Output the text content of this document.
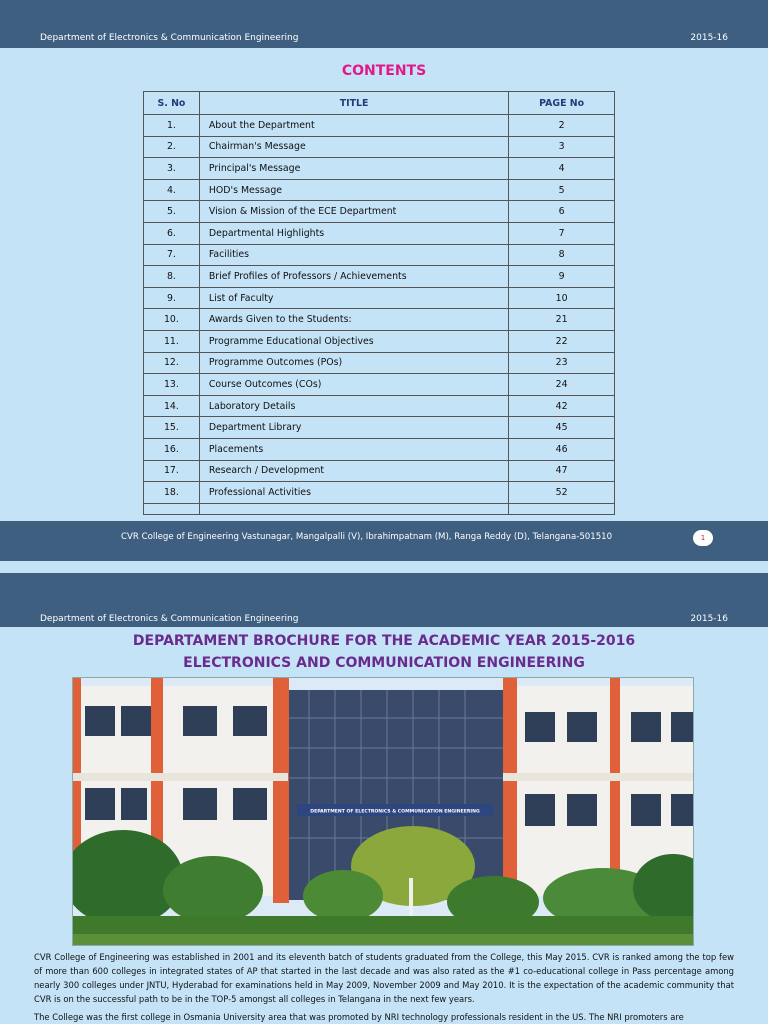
Department of Electronics & Communication Engineering	2015-16
CONTENTS
S. No	TITLE	PAGE No
1.	About the Department	2
2.	Chairman's Message	3
3.	Principal's Message	4
4.	HOD's Message	5
5.	Vision & Mission of the ECE Department	6
6.	Departmental Highlights	7
7.	Facilities	8
8.	Brief Profiles of Professors / Achievements	9
9.	List of Faculty	10
10.	Awards Given to the Students:	21
11.	Programme Educational Objectives	22
12.	Programme Outcomes (POs)	23
13.	Course Outcomes (COs)	24
14.	Laboratory Details	42
15.	Department Library	45
16.	Placements	46
17.	Research / Development	47
18.	Professional Activities	52

CVR College of Engineering Vastunagar, Mangalpalli (V), Ibrahimpatnam (M), Ranga Reddy (D), Telangana-501510	1
Department of Electronics & Communication Engineering	2015-16
DEPARTAMENT BROCHURE FOR THE ACADEMIC YEAR 2015-2016
ELECTRONICS AND COMMUNICATION ENGINEERING
DEPARTMENT OF ELECTRONICS & COMMUNICATION ENGINEERING

CVR College of Engineering was established in 2001 and its eleventh batch of students graduated from the College, this May 2015. CVR is ranked among the top few of more than 600 colleges in integrated states of AP that started in the last decade and was also rated as the #1 co-educational college in Pass percentage among nearly 300 colleges under JNTU, Hyderabad for examinations held in May 2009, November 2009 and May 2010. It is the expectation of the academic community that CVR is on the successful path to be in the TOP-5 amongst all colleges in Telangana in the next few years.

The College was the first college in Osmania University area that was promoted by NRI technology professionals resident in the US. The NRI promoters are
